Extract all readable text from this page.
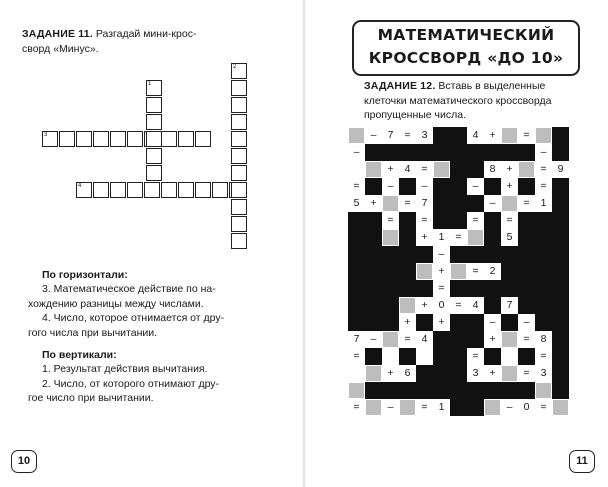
ЗАДАНИЕ 11. Разгадай мини-крос-
сворд «Минус».
1
2
3
4
По горизонтали:
3. Математическое действие по на-
хождению разницы между числами.
4. Число, которое отнимается от дру-
гого числа при вычитании.
По вертикали:
1. Результат действия вычитания.
2. Число, от которого отнимают дру-
гое число при вычитании.
10
МАТЕМАТИЧЕСКИЙ
КРОССВОРД «ДО 10»
ЗАДАНИЕ 12. Вставь в выделенные
клеточки математического кроссворда
пропущенные числа.
11
–	7	=	3	4	+	=
–	–
+	4	=	8	+	=	9
=	–	–	–	+	=
5	+	=	7	–	=	1
=	=	=	=
+	1	=	5
–
+	=	2
=
+	0	=	4	7
+	+	–	–
7	–	=	4	+	=	8
=	=	=
+	6	3	+	=	3
=	–	=	1	–	0	=
